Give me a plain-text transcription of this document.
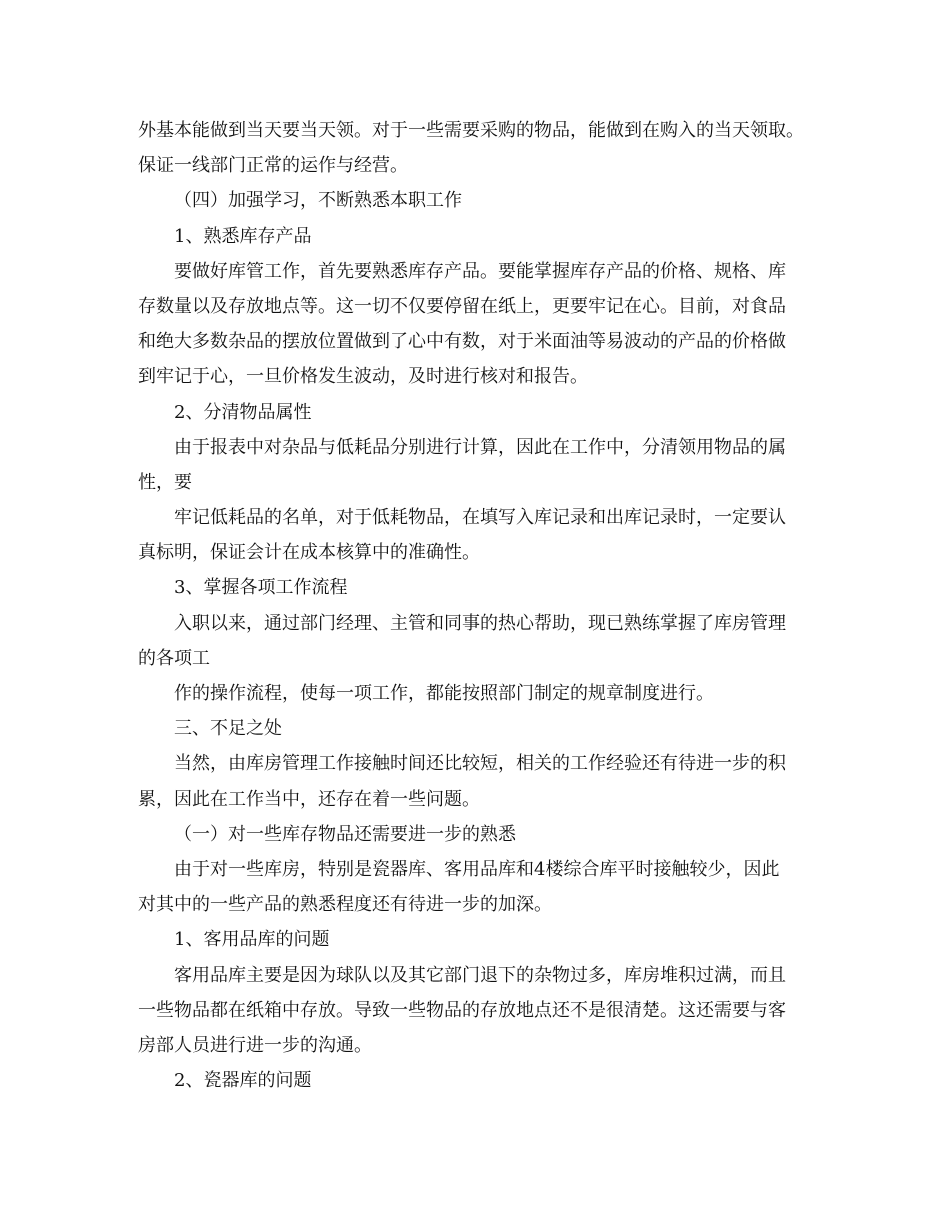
外基本能做到当天要当天领。对于一些需要采购的物品，能做到在购入的当天领取。
保证一线部门正常的运作与经营。
（四）加强学习，不断熟悉本职工作
1、熟悉库存产品
要做好库管工作，首先要熟悉库存产品。要能掌握库存产品的价格、规格、库
存数量以及存放地点等。这一切不仅要停留在纸上，更要牢记在心。目前，对食品
和绝大多数杂品的摆放位置做到了心中有数，对于米面油等易波动的产品的价格做
到牢记于心，一旦价格发生波动，及时进行核对和报告。
2、分清物品属性
由于报表中对杂品与低耗品分别进行计算，因此在工作中，分清领用物品的属
性，要
牢记低耗品的名单，对于低耗物品，在填写入库记录和出库记录时，一定要认
真标明，保证会计在成本核算中的准确性。
3、掌握各项工作流程
入职以来，通过部门经理、主管和同事的热心帮助，现已熟练掌握了库房管理
的各项工
作的操作流程，使每一项工作，都能按照部门制定的规章制度进行。
三、不足之处
当然，由库房管理工作接触时间还比较短，相关的工作经验还有待进一步的积
累，因此在工作当中，还存在着一些问题。
（一）对一些库存物品还需要进一步的熟悉
由于对一些库房，特别是瓷器库、客用品库和4楼综合库平时接触较少，因此
对其中的一些产品的熟悉程度还有待进一步的加深。
1、客用品库的问题
客用品库主要是因为球队以及其它部门退下的杂物过多，库房堆积过满，而且
一些物品都在纸箱中存放。导致一些物品的存放地点还不是很清楚。这还需要与客
房部人员进行进一步的沟通。
2、瓷器库的问题
